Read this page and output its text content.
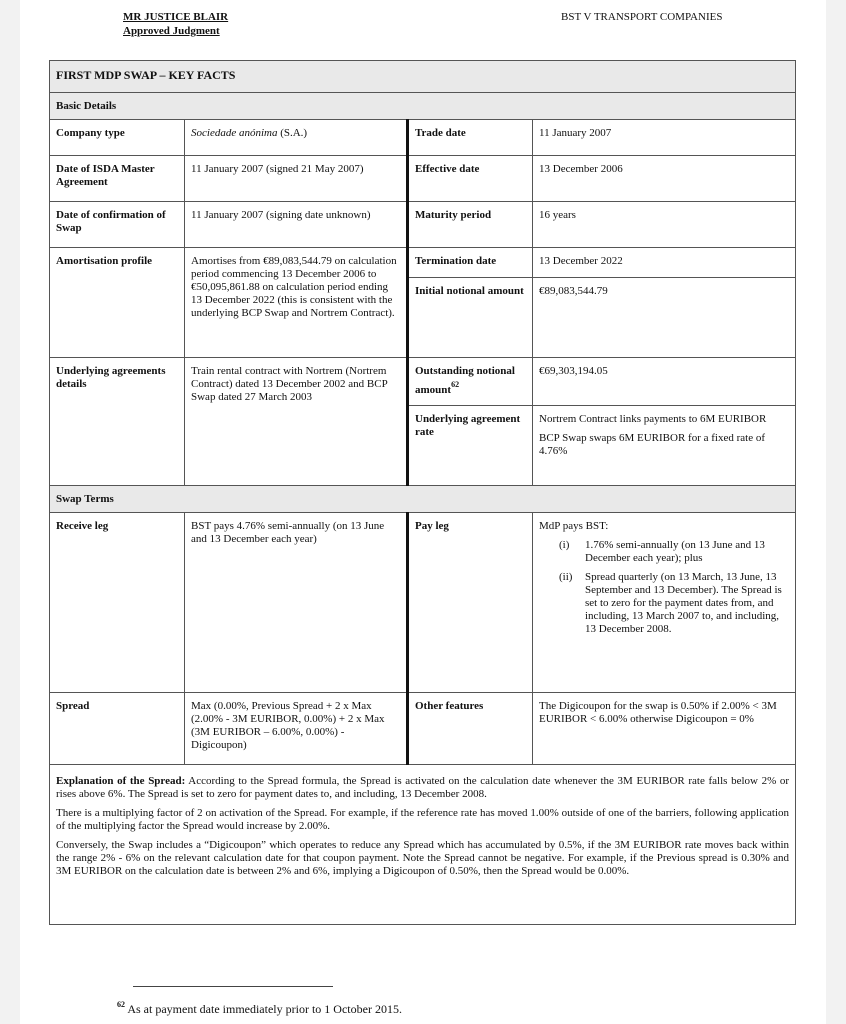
MR JUSTICE BLAIR
Approved Judgment
BST V TRANSPORT COMPANIES
FIRST MDP SWAP – KEY FACTS			
Basic Details			
Company type	Sociedade anónima (S.A.)	Trade date	11 January 2007
Date of ISDA Master Agreement	11 January 2007 (signed 21 May 2007)	Effective date	13 December 2006
Date of confirmation of Swap	11 January 2007 (signing date unknown)	Maturity period	16 years
Amortisation profile	Amortises from €89,083,544.79 on calculation period commencing 13 December 2006 to €50,095,861.88 on calculation period ending 13 December 2022 (this is consistent with the underlying BCP Swap and Nortrem Contract).	Termination date	13 December 2022
		Initial notional amount	€89,083,544.79
Underlying agreements details	Train rental contract with Nortrem (Nortrem Contract) dated 13 December 2002 and BCP Swap dated 27 March 2003	Outstanding notional amount$^{62}$	€69,303,194.05
		Underlying agreement rate	Nortrem Contract links payments to 6M EURIBOR

BCP Swap swaps 6M EURIBOR for a fixed rate of 4.76%

Swap Terms			
Receive leg	BST pays 4.76% semi-annually (on 13 June and 13 December each year)	Pay leg	MdP pays BST:
(i) 1.76% semi-annually (on 13 June and 13 December each year); plus
(ii) Spread quarterly (on 13 March, 13 June, 13 September and 13 December). The Spread is set to zero for the payment dates from, and including, 13 March 2007 to, and including, 13 December 2008.

Spread	Max (0.00%, Previous Spread + 2 x Max (2.00% - 3M EURIBOR, 0.00%) + 2 x Max (3M EURIBOR – 6.00%, 0.00%) - Digicoupon)	Other features	The Digicoupon for the swap is 0.50% if 2.00% < 3M EURIBOR < 6.00% otherwise Digicoupon = 0%

Explanation of the Spread: According to the Spread formula, the Spread is activated on the calculation date whenever the 3M EURIBOR rate falls below 2% or rises above 6%. The Spread is set to zero for payment dates to, and including, 13 December 2008.

There is a multiplying factor of 2 on activation of the Spread. For example, if the reference rate has moved 1.00% outside of one of the barriers, following application of the multiplying factor the Spread would increase by 2.00%.

Conversely, the Swap includes a “Digicoupon” which operates to reduce any Spread which has accumulated by 0.5%, if the 3M EURIBOR rate moves back within the range 2% - 6% on the relevant calculation date for that coupon payment. Note the Spread cannot be negative. For example, if the Previous spread is 0.30% and 3M EURIBOR on the calculation date is between 2% and 6%, implying a Digicoupon of 0.50%, then the Spread would be 0.00%.			

$^{62}$ As at payment date immediately prior to 1 October 2015.
